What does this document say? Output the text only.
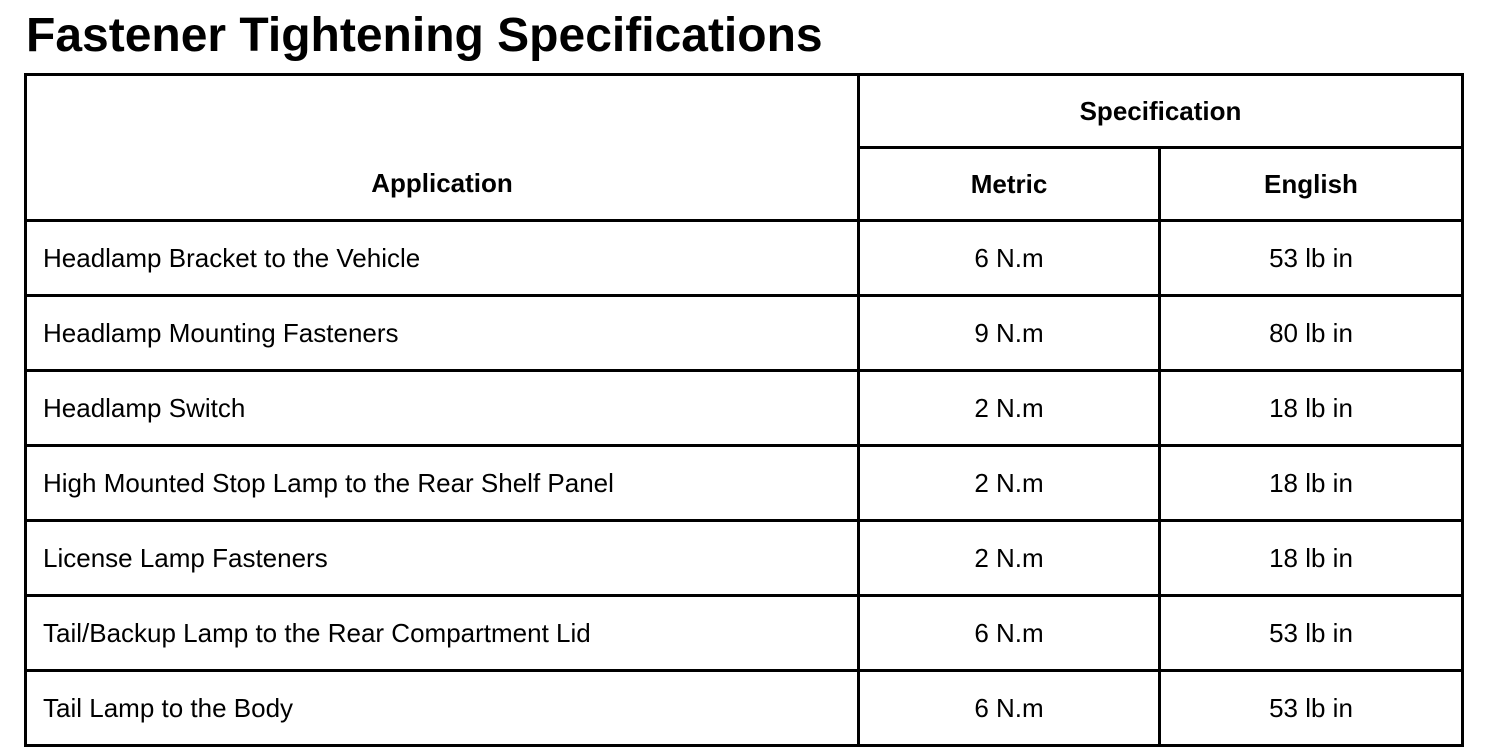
Fastener Tightening Specifications
Application	Specification	
	Metric	English
Headlamp Bracket to the Vehicle	6 N.m	53 lb in
Headlamp Mounting Fasteners	9 N.m	80 lb in
Headlamp Switch	2 N.m	18 lb in
High Mounted Stop Lamp to the Rear Shelf Panel	2 N.m	18 lb in
License Lamp Fasteners	2 N.m	18 lb in
Tail/Backup Lamp to the Rear Compartment Lid	6 N.m	53 lb in
Tail Lamp to the Body	6 N.m	53 lb in
